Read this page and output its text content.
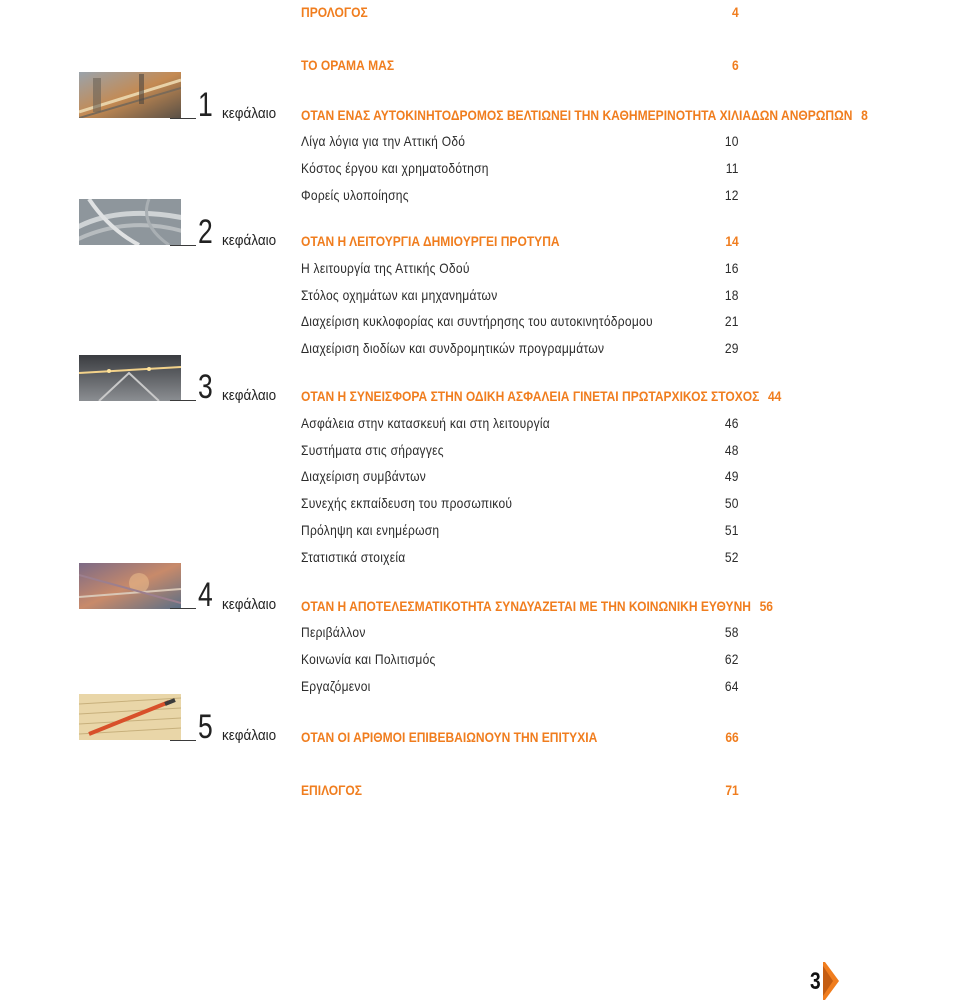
ΠΡΟΛΟΓΟΣ	4
ΤΟ ΟΡΑΜΑ ΜΑΣ	6
1 κεφάλαιο ΟΤΑΝ ΕΝΑΣ ΑΥΤΟΚΙΝΗΤΟΔΡΟΜΟΣ ΒΕΛΤΙΩΝΕΙ ΤΗΝ ΚΑΘΗΜΕΡΙΝΟΤΗΤΑ ΧΙΛΙΑΔΩΝ ΑΝΘΡΩΠΩΝ 8
Λίγα λόγια για την Αττική Οδό	10
Κόστος έργου και χρηματοδότηση	11
Φορείς υλοποίησης	12
2 κεφάλαιο ΟΤΑΝ Η ΛΕΙΤΟΥΡΓΙΑ ΔΗΜΙΟΥΡΓΕΙ ΠΡΟΤΥΠΑ	14
Η λειτουργία της Αττικής Οδού	16
Στόλος οχημάτων και μηχανημάτων	18
Διαχείριση κυκλοφορίας και συντήρησης του αυτοκινητόδρομου	21
Διαχείριση διοδίων και συνδρομητικών προγραμμάτων	29
3 κεφάλαιο ΟΤΑΝ Η ΣΥΝΕΙΣΦΟΡΑ ΣΤΗΝ ΟΔΙΚΗ ΑΣΦΑΛΕΙΑ ΓΙΝΕΤΑΙ ΠΡΩΤΑΡΧΙΚΟΣ ΣΤΟΧΟΣ 44
Ασφάλεια στην κατασκευή και στη λειτουργία	46
Συστήματα στις σήραγγες	48
Διαχείριση συμβάντων	49
Συνεχής εκπαίδευση του προσωπικού	50
Πρόληψη και ενημέρωση	51
Στατιστικά στοιχεία	52
4 κεφάλαιο ΟΤΑΝ Η ΑΠΟΤΕΛΕΣΜΑΤΙΚΟΤΗΤΑ ΣΥΝΔΥΑΖΕΤΑΙ ΜΕ ΤΗΝ ΚΟΙΝΩΝΙΚΗ ΕΥΘΥΝΗ 56
Περιβάλλον	58
Κοινωνία και Πολιτισμός	62
Εργαζόμενοι	64
5 κεφάλαιο ΟΤΑΝ ΟΙ ΑΡΙΘΜΟΙ ΕΠΙΒΕΒΑΙΩΝΟΥΝ ΤΗΝ ΕΠΙΤΥΧΙΑ	66
ΕΠΙΛΟΓΟΣ	71
3
